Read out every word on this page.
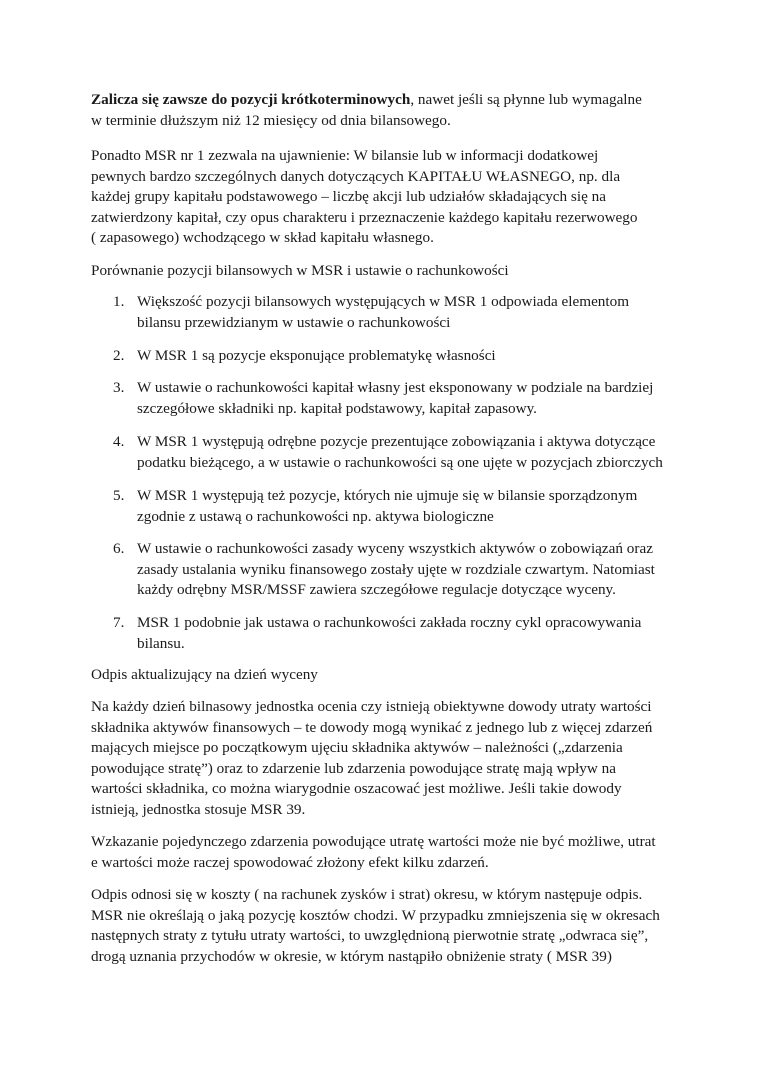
Zalicza się zawsze do pozycji krótkoterminowych, nawet jeśli są płynne lub wymagalne
w terminie dłuższym niż 12 miesięcy od dnia bilansowego.

Ponadto MSR nr 1 zezwala na ujawnienie: W bilansie lub w informacji dodatkowej
pewnych bardzo szczególnych danych dotyczących KAPITAŁU WŁASNEGO, np. dla
każdej grupy kapitału podstawowego – liczbę akcji lub udziałów składających się na
zatwierdzony kapitał, czy opus charakteru i przeznaczenie każdego kapitału rezerwowego
( zapasowego) wchodzącego w skład kapitału własnego.

Porównanie pozycji bilansowych w MSR i ustawie o rachunkowości

1. Większość pozycji bilansowych występujących w MSR 1 odpowiada elementom
bilansu przewidzianym w ustawie o rachunkowości
2. W MSR 1 są pozycje eksponujące problematykę własności
3. W ustawie o rachunkowości kapitał własny jest eksponowany w podziale na bardziej
szczegółowe składniki np. kapitał podstawowy, kapitał zapasowy.
4. W MSR 1 występują odrębne pozycje prezentujące zobowiązania i aktywa dotyczące
podatku bieżącego, a w ustawie o rachunkowości są one ujęte w pozycjach zbiorczych
5. W MSR 1 występują też pozycje, których nie ujmuje się w bilansie sporządzonym
zgodnie z ustawą o rachunkowości np. aktywa biologiczne
6. W ustawie o rachunkowości zasady wyceny wszystkich aktywów o zobowiązań oraz
zasady ustalania wyniku finansowego zostały ujęte w rozdziale czwartym. Natomiast
każdy odrębny MSR/MSSF zawiera szczegółowe regulacje dotyczące wyceny.
7. MSR 1 podobnie jak ustawa o rachunkowości zakłada roczny cykl opracowywania
bilansu.

Odpis aktualizujący na dzień wyceny

Na każdy dzień bilnasowy jednostka ocenia czy istnieją obiektywne dowody utraty wartości
składnika aktywów finansowych – te dowody mogą wynikać z jednego lub z więcej zdarzeń
mających miejsce po początkowym ujęciu składnika aktywów – należności („zdarzenia
powodujące stratę”) oraz to zdarzenie lub zdarzenia powodujące stratę mają wpływ na
wartości składnika, co można wiarygodnie oszacować jest możliwe. Jeśli takie dowody
istnieją, jednostka stosuje MSR 39.

Wzkazanie pojedynczego zdarzenia powodujące utratę wartości może nie być możliwe, utrat
e wartości może raczej spowodować złożony efekt kilku zdarzeń.

Odpis odnosi się w koszty ( na rachunek zysków i strat) okresu, w którym następuje odpis.
MSR nie określają o jaką pozycję kosztów chodzi. W przypadku zmniejszenia się w okresach
następnych straty z tytułu utraty wartości, to uwzględnioną pierwotnie stratę „odwraca się”,
drogą uznania przychodów w okresie, w którym nastąpiło obniżenie straty ( MSR 39)
